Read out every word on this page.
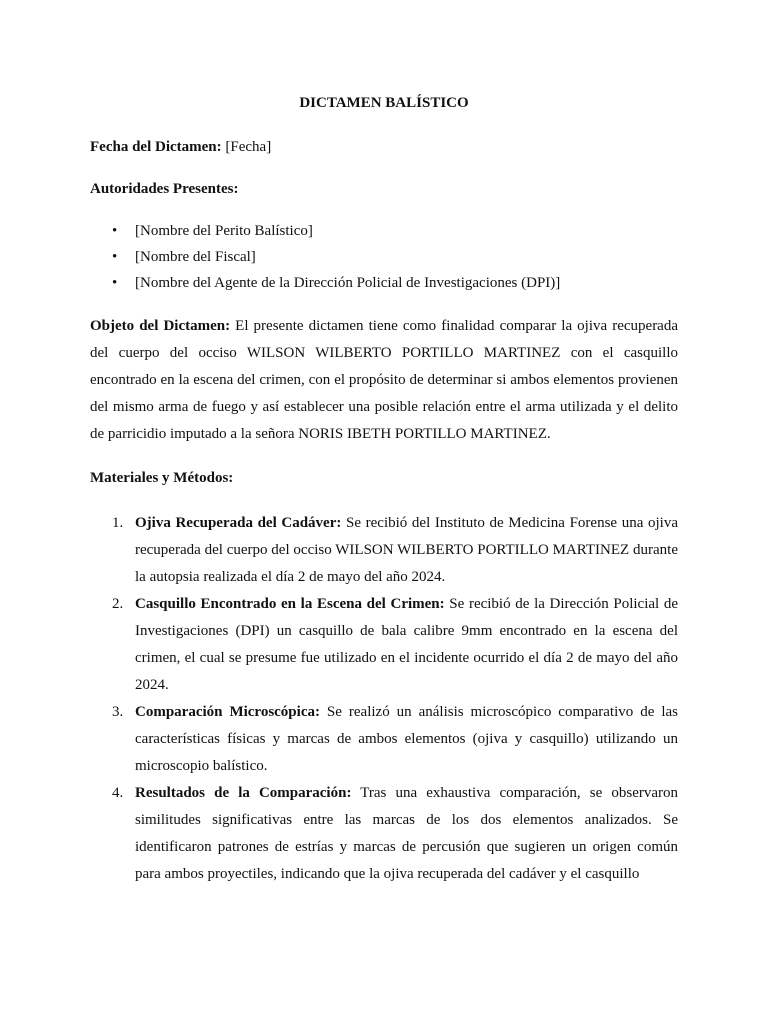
DICTAMEN BALÍSTICO

Fecha del Dictamen: [Fecha]

Autoridades Presentes:

• [Nombre del Perito Balístico]
• [Nombre del Fiscal]
• [Nombre del Agente de la Dirección Policial de Investigaciones (DPI)]

Objeto del Dictamen: El presente dictamen tiene como finalidad comparar la ojiva recuperada del cuerpo del occiso WILSON WILBERTO PORTILLO MARTINEZ con el casquillo encontrado en la escena del crimen, con el propósito de determinar si ambos elementos provienen del mismo arma de fuego y así establecer una posible relación entre el arma utilizada y el delito de parricidio imputado a la señora NORIS IBETH PORTILLO MARTINEZ.

Materiales y Métodos:

1. Ojiva Recuperada del Cadáver: Se recibió del Instituto de Medicina Forense una ojiva recuperada del cuerpo del occiso WILSON WILBERTO PORTILLO MARTINEZ durante la autopsia realizada el día 2 de mayo del año 2024.
2. Casquillo Encontrado en la Escena del Crimen: Se recibió de la Dirección Policial de Investigaciones (DPI) un casquillo de bala calibre 9mm encontrado en la escena del crimen, el cual se presume fue utilizado en el incidente ocurrido el día 2 de mayo del año 2024.
3. Comparación Microscópica: Se realizó un análisis microscópico comparativo de las características físicas y marcas de ambos elementos (ojiva y casquillo) utilizando un microscopio balístico.
4. Resultados de la Comparación: Tras una exhaustiva comparación, se observaron similitudes significativas entre las marcas de los dos elementos analizados. Se identificaron patrones de estrías y marcas de percusión que sugieren un origen común para ambos proyectiles, indicando que la ojiva recuperada del cadáver y el casquillo
